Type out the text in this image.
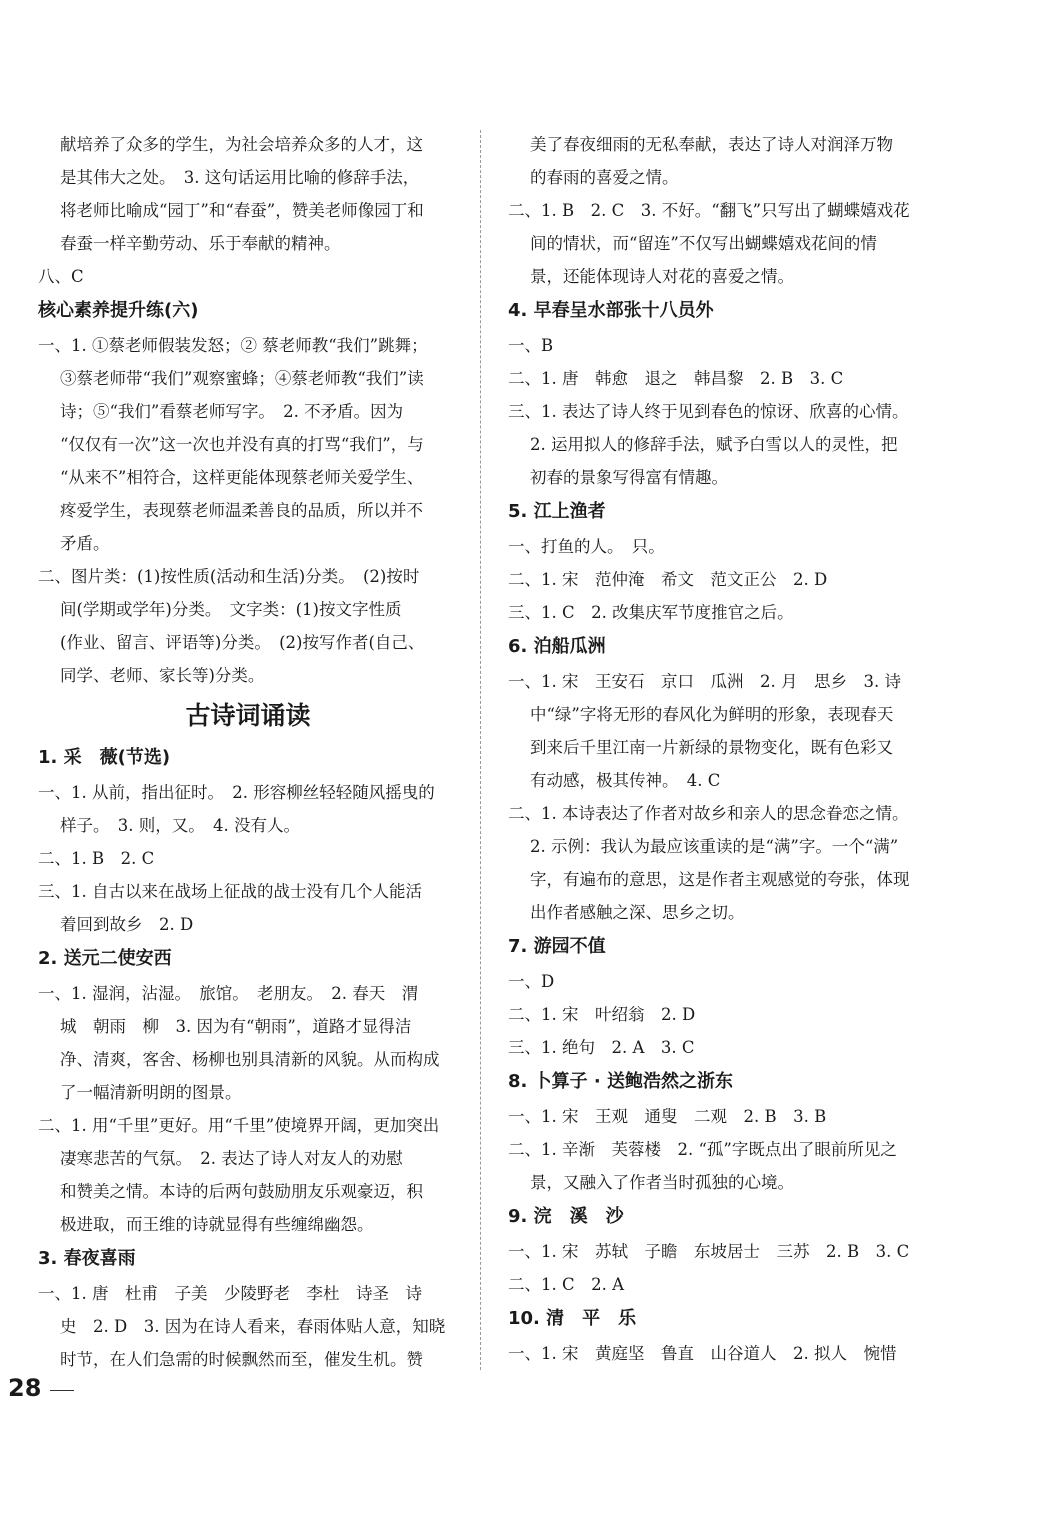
献培养了众多的学生，为社会培养众多的人才，这
是其伟大之处。　3. 这句话运用比喻的修辞手法，
将老师比喻成“园丁”和“春蚕”，赞美老师像园丁和
春蚕一样辛勤劳动、乐于奉献的精神。
八、C
核心素养提升练(六)
一、1. ①蔡老师假装发怒；② 蔡老师教“我们”跳舞；
③蔡老师带“我们”观察蜜蜂；④蔡老师教“我们”读
诗；⑤“我们”看蔡老师写字。　2. 不矛盾。因为
“仅仅有一次”这一次也并没有真的打骂“我们”，与
“从来不”相符合，这样更能体现蔡老师关爱学生、
疼爱学生，表现蔡老师温柔善良的品质，所以并不
矛盾。
二、图片类：(1)按性质(活动和生活)分类。　(2)按时
间(学期或学年)分类。　文字类：(1)按文字性质
(作业、留言、评语等)分类。　(2)按写作者(自己、
同学、老师、家长等)分类。
古诗词诵读
1. 采　薇(节选)
一、1. 从前，指出征时。　2. 形容柳丝轻轻随风摇曳的
样子。　3. 则，又。　4. 没有人。
二、1. B　2. C
三、1. 自古以来在战场上征战的战士没有几个人能活
着回到故乡　2. D
2. 送元二使安西
一、1. 湿润，沾湿。　旅馆。　老朋友。　2. 春天　渭
城　朝雨　柳　3. 因为有“朝雨”，道路才显得洁
净、清爽，客舍、杨柳也别具清新的风貌。从而构成
了一幅清新明朗的图景。
二、1. 用“千里”更好。用“千里”使境界开阔，更加突出
凄寒悲苦的气氛。　2. 表达了诗人对友人的劝慰
和赞美之情。本诗的后两句鼓励朋友乐观豪迈，积
极进取，而王维的诗就显得有些缠绵幽怨。
3. 春夜喜雨
一、1. 唐　杜甫　子美　少陵野老　李杜　诗圣　诗
史　2. D　3. 因为在诗人看来，春雨体贴人意，知晓
时节，在人们急需的时候飘然而至，催发生机。赞
美了春夜细雨的无私奉献，表达了诗人对润泽万物
的春雨的喜爱之情。
二、1. B　2. C　3. 不好。“翻飞”只写出了蝴蝶嬉戏花
间的情状，而“留连”不仅写出蝴蝶嬉戏花间的情
景，还能体现诗人对花的喜爱之情。
4. 早春呈水部张十八员外
一、B
二、1. 唐　韩愈　退之　韩昌黎　2. B　3. C
三、1. 表达了诗人终于见到春色的惊讶、欣喜的心情。
2. 运用拟人的修辞手法，赋予白雪以人的灵性，把
初春的景象写得富有情趣。
5. 江上渔者
一、打鱼的人。　只。
二、1. 宋　范仲淹　希文　范文正公　2. D
三、1. C　2. 改集庆军节度推官之后。
6. 泊船瓜洲
一、1. 宋　王安石　京口　瓜洲　2. 月　思乡　3. 诗
中“绿”字将无形的春风化为鲜明的形象，表现春天
到来后千里江南一片新绿的景物变化，既有色彩又
有动感，极其传神。　4. C
二、1. 本诗表达了作者对故乡和亲人的思念眷恋之情。
2. 示例：我认为最应该重读的是“满”字。一个“满”
字，有遍布的意思，这是作者主观感觉的夸张，体现
出作者感触之深、思乡之切。
7. 游园不值
一、D
二、1. 宋　叶绍翁　2. D
三、1. 绝句　2. A　3. C
8. 卜算子 · 送鲍浩然之浙东
一、1. 宋　王观　通叟　二观　2. B　3. B
二、1. 辛渐　芙蓉楼　2. “孤”字既点出了眼前所见之
景，又融入了作者当时孤独的心境。
9. 浣　溪　沙
一、1. 宋　苏轼　子瞻　东坡居士　三苏　2. B　3. C
二、1. C　2. A
10. 清　平　乐
一、1. 宋　黄庭坚　鲁直　山谷道人　2. 拟人　惋惜
28
